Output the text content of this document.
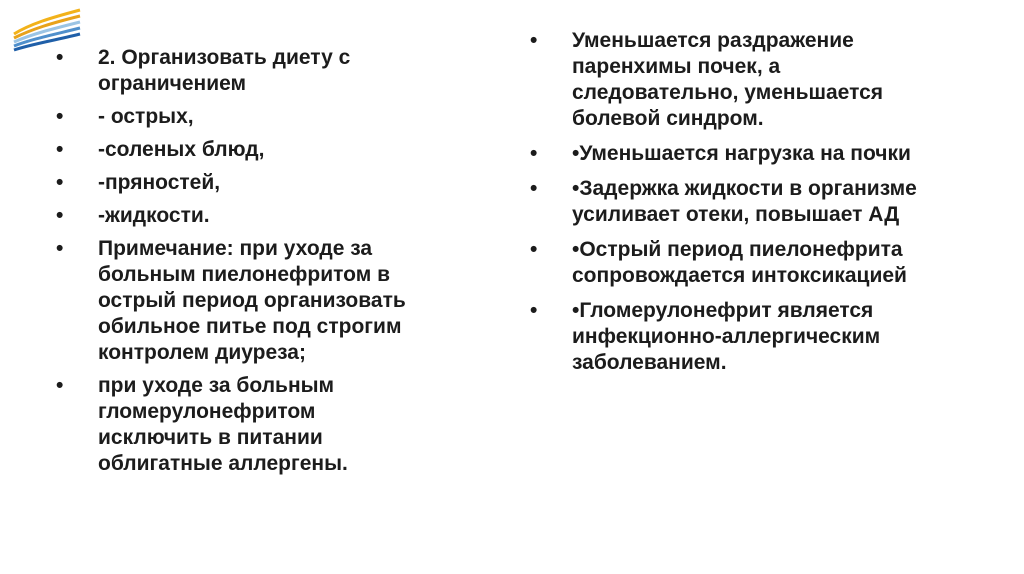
• 2. Организовать диету с
ограничением
• - острых,
• -соленых блюд,
• -пряностей,
• -жидкости.
• Примечание: при уходе за
больным пиелонефритом в
острый период организовать
обильное питье под строгим
контролем диуреза;
• при уходе за больным
гломерулонефритом
исключить в питании
облигатные аллергены.
• Уменьшается раздражение
паренхимы почек, а
следовательно, уменьшается
болевой синдром.
• •Уменьшается нагрузка на почки
• •Задержка жидкости в организме
усиливает отеки, повышает АД
• •Острый период пиелонефрита
сопровождается интоксикацией
• •Гломерулонефрит является
инфекционно-аллергическим
заболеванием.
